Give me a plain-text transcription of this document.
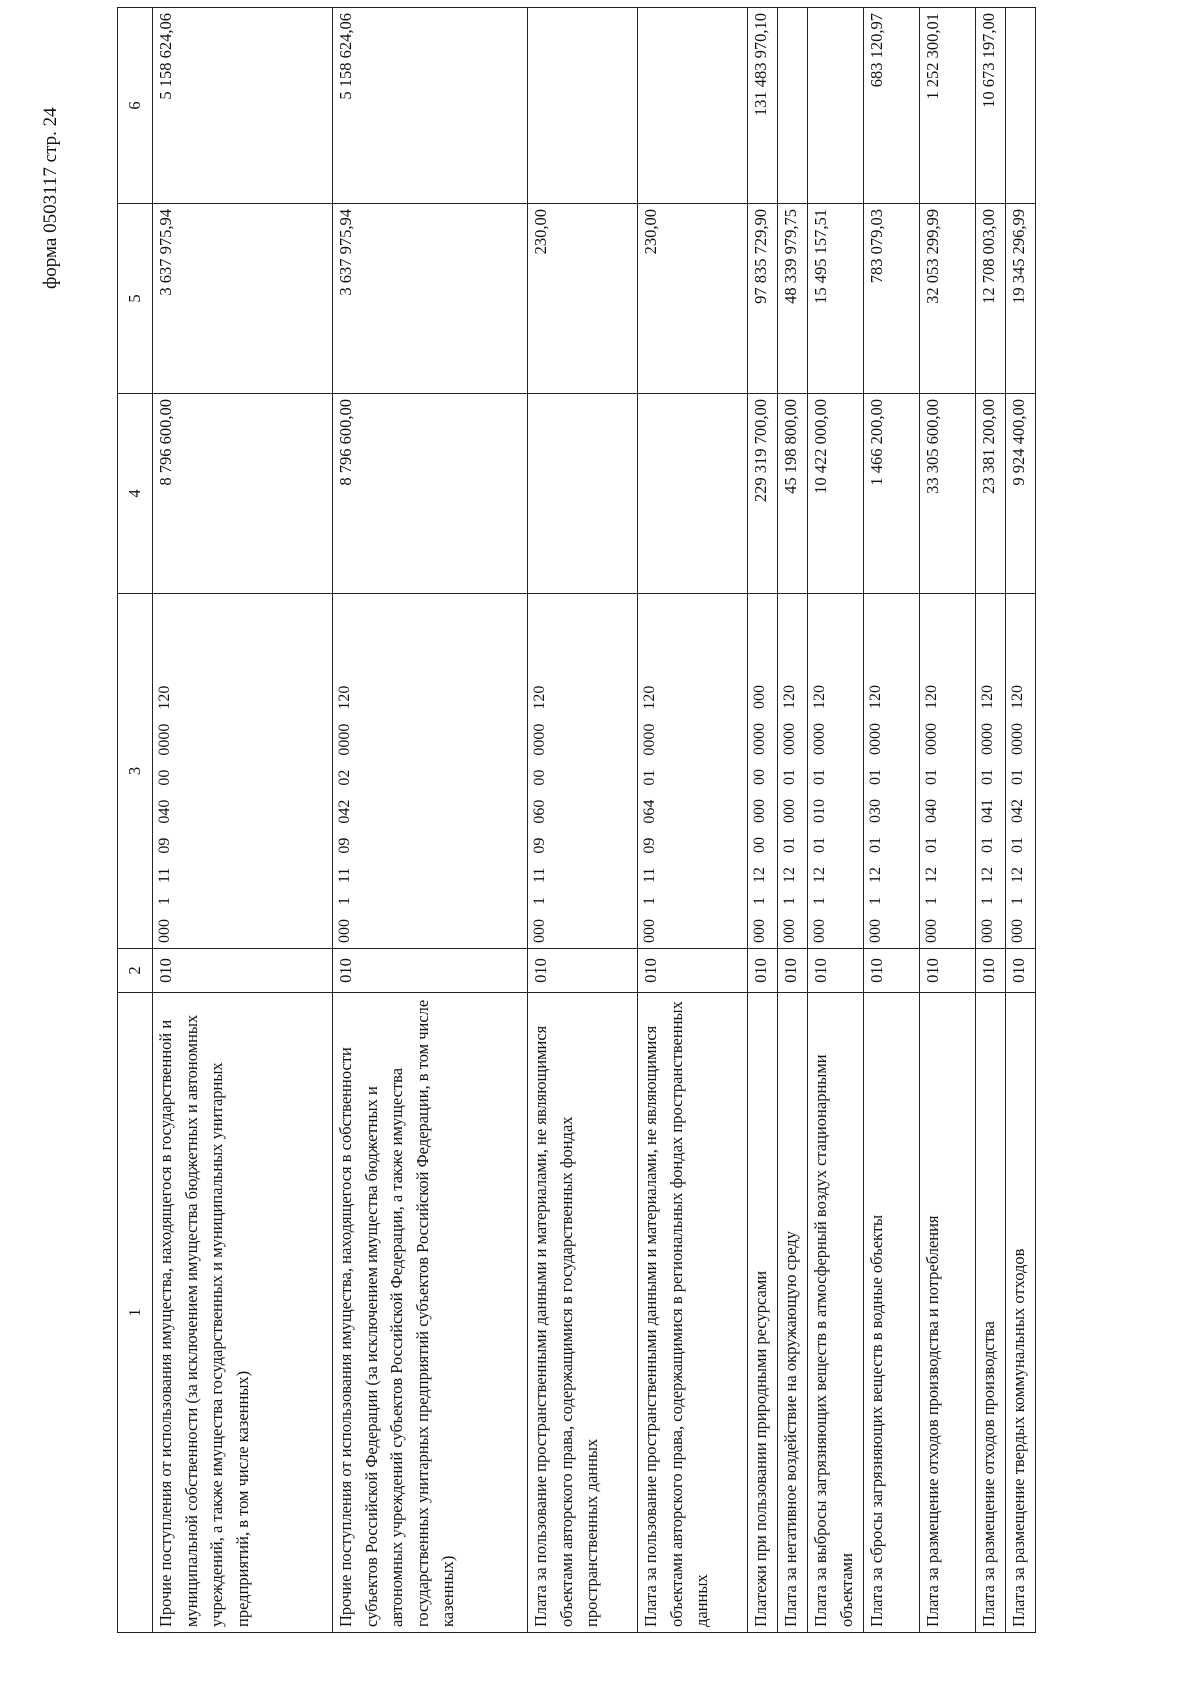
форма 0503117 стр. 24
1	2	3	4	5	6
Прочие поступления от использования имущества, находящегося в государственной и муниципальной собственности (за исключением имущества бюджетных и автономных учреждений, а также имущества государственных и муниципальных унитарных предприятий, в том числе казенных)	010	00011109040000000120	8 796 600,00	3 637 975,94	5 158 624,06
Прочие поступления от использования имущества, находящегося в собственности субъектов Российской Федерации (за исключением имущества бюджетных и автономных учреждений субъектов Российской Федерации, а также имущества государственных унитарных предприятий субъектов Российской Федерации, в том числе казенных)	010	00011109042020000120	8 796 600,00	3 637 975,94	5 158 624,06
Плата за пользование пространственными данными и материалами, не являющимися объектами авторского права, содержащимися в государственных фондах пространственных данных	010	00011109060000000120		230,00	
Плата за пользование пространственными данными и материалами, не являющимися объектами авторского права, содержащимися в региональных фондах пространственных данных	010	00011109064010000120		230,00	
Платежи при пользовании природными ресурсами	010	00011200000000000000	229 319 700,00	97 835 729,90	131 483 970,10
Плата за негативное воздействие на окружающую среду	010	00011201000010000120	45 198 800,00	48 339 979,75	
Плата за выбросы загрязняющих веществ в атмосферный воздух стационарными объектами	010	00011201010010000120	10 422 000,00	15 495 157,51	
Плата за сбросы загрязняющих веществ в водные объекты	010	00011201030010000120	1 466 200,00	783 079,03	683 120,97
Плата за размещение отходов производства и потребления	010	00011201040010000120	33 305 600,00	32 053 299,99	1 252 300,01
Плата за размещение отходов производства	010	00011201041010000120	23 381 200,00	12 708 003,00	10 673 197,00
Плата за размещение твердых коммунальных отходов	010	00011201042010000120	9 924 400,00	19 345 296,99	
